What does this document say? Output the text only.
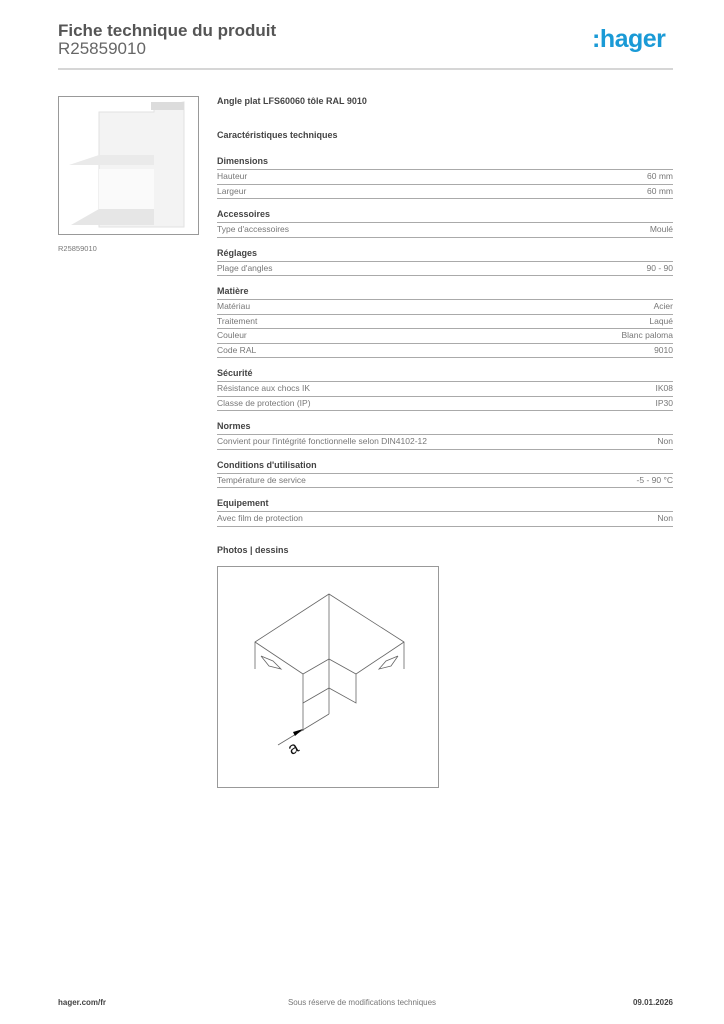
Fiche technique du produit
R25859010	:hager
R25859010
Angle plat LFS60060 tôle RAL 9010
Caractéristiques techniques
Dimensions
Hauteur	60 mm
Largeur	60 mm
Accessoires
Type d'accessoires	Moulé
Réglages
Plage d'angles	90 - 90
Matière
Matériau	Acier
Traitement	Laqué
Couleur	Blanc paloma
Code RAL	9010
Sécurité
Résistance aux chocs IK	IK08
Classe de protection (IP)	IP30
Normes
Convient pour l'intégrité fonctionnelle selon DIN4102-12	Non
Conditions d'utilisation
Température de service	-5 - 90 °C
Equipement
Avec film de protection	Non
Photos | dessins
a
hager.com/fr	Sous réserve de modifications techniques	09.01.2026
